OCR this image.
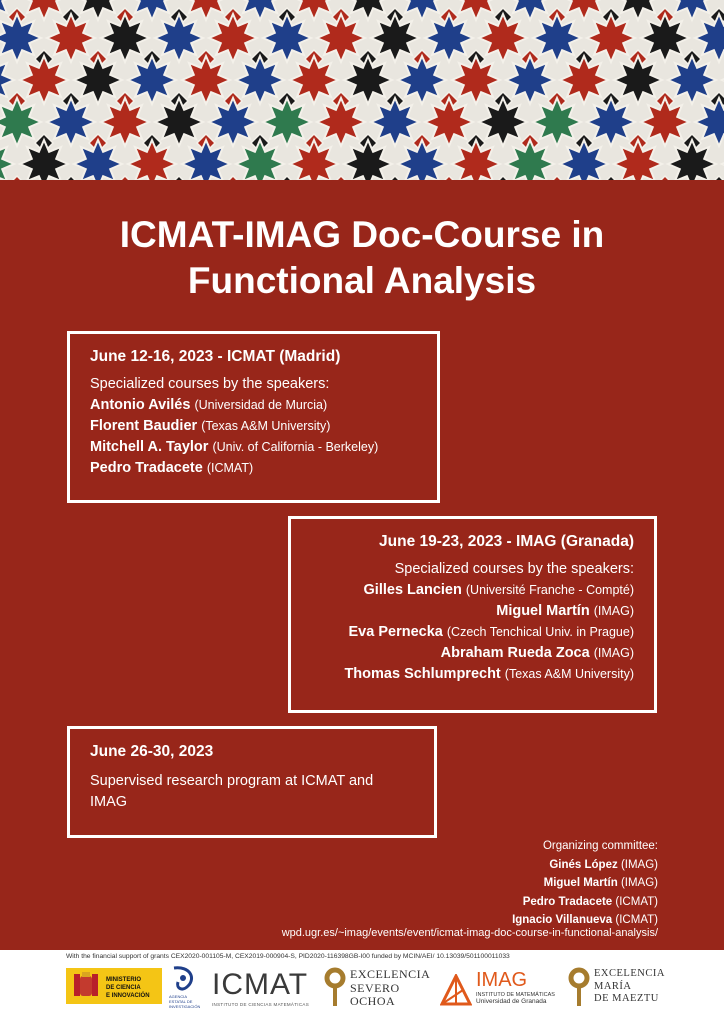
ICMAT-IMAG Doc-Course in
Functional Analysis
June 12-16, 2023 - ICMAT (Madrid)
Specialized courses by the speakers:
Antonio Avilés (Universidad de Murcia)
Florent Baudier (Texas A&M University)
Mitchell A. Taylor (Univ. of California - Berkeley)
Pedro Tradacete (ICMAT)
June 19-23, 2023 - IMAG (Granada)
Specialized courses by the speakers:
Gilles Lancien (Université Franche - Compté)
Miguel Martín (IMAG)
Eva Pernecka (Czech Tenchical Univ. in Prague)
Abraham Rueda Zoca (IMAG)
Thomas Schlumprecht (Texas A&M University)
June 26-30, 2023
Supervised research program at ICMAT and IMAG
Organizing committee:
Ginés López (IMAG)
Miguel Martín (IMAG)
Pedro Tradacete (ICMAT)
Ignacio Villanueva (ICMAT)
wpd.ugr.es/~imag/events/event/icmat-imag-doc-course-in-functional-analysis/
With the financial support of grants CEX2020-001105-M, CEX2019-000904-S, PID2020-116398GB-I00 funded by MCIN/AEI/ 10.13039/501100011033
MINISTERIO
DE CIENCIA
E INNOVACIÓN	AGENCIA
ESTATAL DE
INVESTIGACIÓN
ICMAT
INSTITUTO DE CIENCIAS MATEMÁTICAS
EXCELENCIA
SEVERO
OCHOA
IMAG
INSTITUTO DE MATEMÁTICAS
Universidad de Granada
EXCELENCIA
MARÍA
DE MAEZTU
